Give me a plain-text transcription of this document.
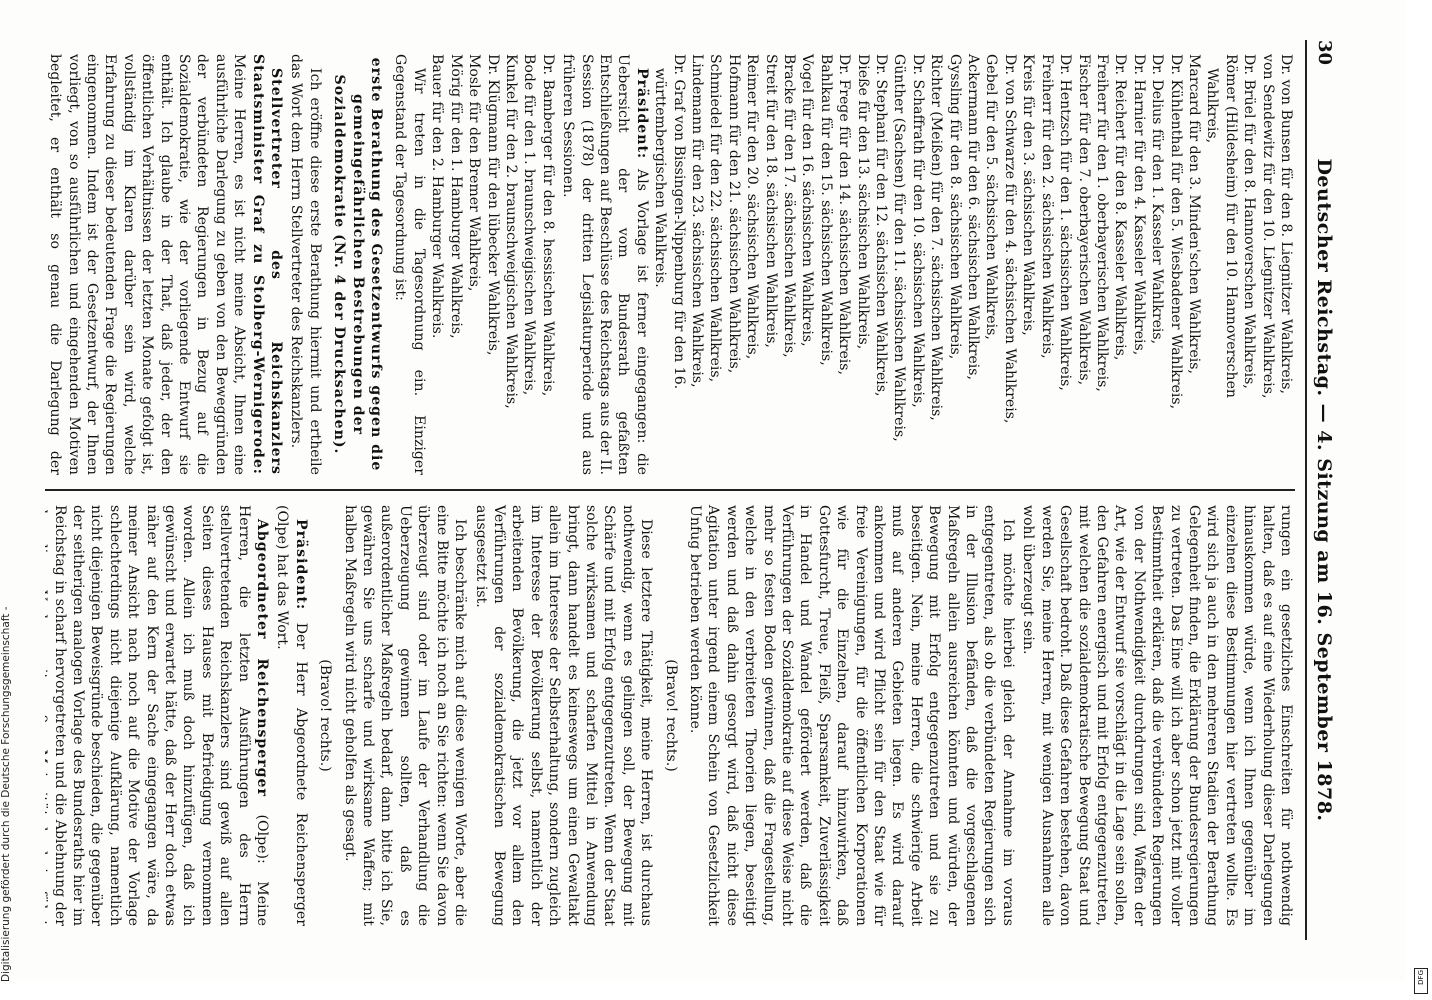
30
Deutscher Reichstag. — 4. Sitzung am 16. September 1878.

Dr. von Bunsen für den 8. Liegnitzer Wahlkreis,

von Sendewitz für den 10. Liegnitzer Wahlkreis,

Dr. Brüel für den 8. Hannoverschen Wahlkreis,

Römer (Hildesheim) für den 10. Hannoverschen Wahlkreis,

Marcard für den 3. Minden'schen Wahlkreis,

Dr. Kühlenthal für den 5. Wiesbadener Wahlkreis,

Dr. Delius für den 1. Kasseler Wahlkreis,

Dr. Harnier für den 4. Kasseler Wahlkreis,

Dr. Reichert für den 8. Kasseler Wahlkreis,

Freiherr für den 1. oberbayerischen Wahlkreis,

Fischer für den 7. oberbayerischen Wahlkreis,

Dr. Hentzsch für den 1. sächsischen Wahlkreis,

Freiherr für den 2. sächsischen Wahlkreis,

Kreis für den 3. sächsischen Wahlkreis,

Dr. von Schwarze für den 4. sächsischen Wahlkreis,

Gebel für den 5. sächsischen Wahlkreis,

Ackermann für den 6. sächsischen Wahlkreis,

Gyssling für den 8. sächsischen Wahlkreis,

Richter (Meißen) für den 7. sächsischen Wahlkreis,

Dr. Schaffrath für den 10. sächsischen Wahlkreis,

Günther (Sachsen) für den 11. sächsischen Wahlkreis,

Dr. Stephani für den 12. sächsischen Wahlkreis,

Dieße für den 13. sächsischen Wahlkreis,

Dr. Frege für den 14. sächsischen Wahlkreis,

Bahlkau für den 15. sächsischen Wahlkreis,

Vogel für den 16. sächsischen Wahlkreis,

Bracke für den 17. sächsischen Wahlkreis,

Streit für den 18. sächsischen Wahlkreis,

Reimer für den 20. sächsischen Wahlkreis,

Hofmann für den 21. sächsischen Wahlkreis,

Schmiedel für den 22. sächsischen Wahlkreis,

Lindemann für den 23. sächsischen Wahlkreis,

Dr. Graf von Bissingen-Nippenburg für den 16. württembergischen Wahlkreis.

Präsident: Als Vorlage ist ferner eingegangen: die Uebersicht der vom Bundesrath gefaßten Entschließungen auf Beschlüsse des Reichstags aus der II. Session (1878) der dritten Legislaturperiode und aus früheren Sessionen.

Dr. Bamberger für den 8. hessischen Wahlkreis,

Bode für den 1. braunschweigischen Wahlkreis,

Kunkel für den 2. braunschweigischen Wahlkreis,

Dr. Klügmann für den lübecker Wahlkreis,

Mosle für den Bremer Wahlkreis,

Mörig für den 1. Hamburger Wahlkreis,

Bauer für den 2. Hamburger Wahlkreis.

Wir treten in die Tagesordnung ein. Einziger Gegenstand der Tagesordnung ist:

erste Berathung des Gesetzentwurfs gegen die gemeingefährlichen Bestrebungen der Sozialdemokratie (Nr. 4 der Drucksachen).

Ich eröffne diese erste Berathung hiermit und ertheile das Wort dem Herrn Stellvertreter des Reichskanzlers.

Stellvertreter des Reichskanzlers Staatsminister Graf zu Stolberg-Wernigerode: Meine Herren, es ist nicht meine Absicht, Ihnen eine ausführliche Darlegung zu geben von den Beweggründen der verbündeten Regierungen in Bezug auf die Sozialdemokratie, wie der vorliegende Entwurf sie enthält. Ich glaube in der That, daß jeder, der den öffentlichen Verhältnissen der letzten Monate gefolgt ist, vollständig im Klaren darüber sein wird, welche Erfahrung zu dieser bedeutenden Frage die Regierungen eingenommen. Indem ist der Gesetzentwurf, der Ihnen vorliegt, von so ausführlichen und eingehenden Motiven begleitet, er enthält so genau die Darlegung der

rungen ein gesetzliches Einschreiten für nothwendig halten, daß es auf eine Wiederholung dieser Darlegungen hinauskommen würde, wenn ich Ihnen gegenüber im einzelnen diese Bestimmungen hier vertreten wollte. Es wird sich ja auch in den mehreren Stadien der Berathung Gelegenheit finden, die Erklärung der Bundesregierungen zu vertreten. Das Eine will ich aber schon jetzt mit voller Bestimmtheit erklären, daß die verbündeten Regierungen von der Nothwendigkeit durchdrungen sind, Waffen der Art, wie der Entwurf sie vorschlägt in die Lage sein sollen, den Gefahren energisch und mit Erfolg entgegenzutreten, mit welchen die sozialdemokratische Bewegung Staat und Gesellschaft bedroht. Daß diese Gefahren bestehen, davon werden Sie, meine Herren, mit wenigen Ausnahmen alle wohl überzeugt sein.

Ich möchte hierbei gleich der Annahme im voraus entgegentreten, als ob die verbündeten Regierungen sich in der Illusion befänden, daß die vorgeschlagenen Maßregeln allein ausreichen könnten und würden, der Bewegung mit Erfolg entgegenzutreten und sie zu beseitigen. Nein, meine Herren, die schwierige Arbeit muß auf anderen Gebieten liegen. Es wird darauf ankommen und wird Pflicht sein für den Staat wie für freie Vereinigungen, für die öffentlichen Korporationen wie für die Einzelnen, darauf hinzuwirken, daß Gottesfurcht, Treue, Fleiß, Sparsamkeit, Zuverlässigkeit in Handel und Wandel gefördert werden, daß die Verführungen der Sozialdemokratie auf diese Weise nicht mehr so festen Boden gewinnen, daß die Fragestellung, welche in den verbreiteten Theorien liegen, beseitigt werden und daß dahin gesorgt wird, daß nicht diese Agitation unter irgend einem Schein von Gesetzlichkeit Unfug betrieben werden könne.

(Bravo! rechts.)

Diese letztere Thätigkeit, meine Herren, ist durchaus nothwendig, wenn es gelingen soll, der Bewegung mit Schärfe und mit Erfolg entgegenzutreten. Wenn der Staat solche wirksamen und scharfen Mittel in Anwendung bringt, dann handelt es keineswegs um einen Gewaltakt allein im Interesse der Selbsterhaltung, sondern zugleich im Interesse der Bevölkerung selbst, namentlich der arbeitenden Bevölkerung, die jetzt vor allem den Verführungen der sozialdemokratischen Bewegung ausgesetzt ist.

Ich beschränke mich auf diese wenigen Worte, aber die eine Bitte möchte ich noch an Sie richten: wenn Sie davon überzeugt sind oder im Laufe der Verhandlung die Ueberzeugung gewinnen sollten, daß es außerordentlicher Maßregeln bedarf, dann bitte ich Sie, gewähren Sie uns scharfe und wirksame Waffen; mit halben Maßregeln wird nicht geholfen als gesagt.

(Bravo! rechts.)

Präsident: Der Herr Abgeordnete Reichensperger (Olpe) hat das Wort.

Abgeordneter Reichensperger (Olpe): Meine Herren, die letzten Ausführungen des Herrn stellvertretenden Reichskanzlers sind gewiß auf allen Seiten dieses Hauses mit Befriedigung vernommen worden. Allein ich muß doch hinzufügen, daß ich gewünscht und erwartet hätte, daß der Herr doch etwas näher auf den Kern der Sache eingegangen wäre, da meiner Ansicht nach noch auf die Motive der Vorlage schlechterdings nicht diejenige Aufklärung, namentlich nicht diejenigen Beweisgründe beschieden, die gegenüber der seitherigen analogen Vorlage des Bundesraths hier im Reichstag in scharf hervorgetreten und die Ablehnung der damaligen Vorlage mit großer Majorität herbeigeführt

Digitalisierung gefördert durch die Deutsche Forschungsgemeinschaft -	DFG
